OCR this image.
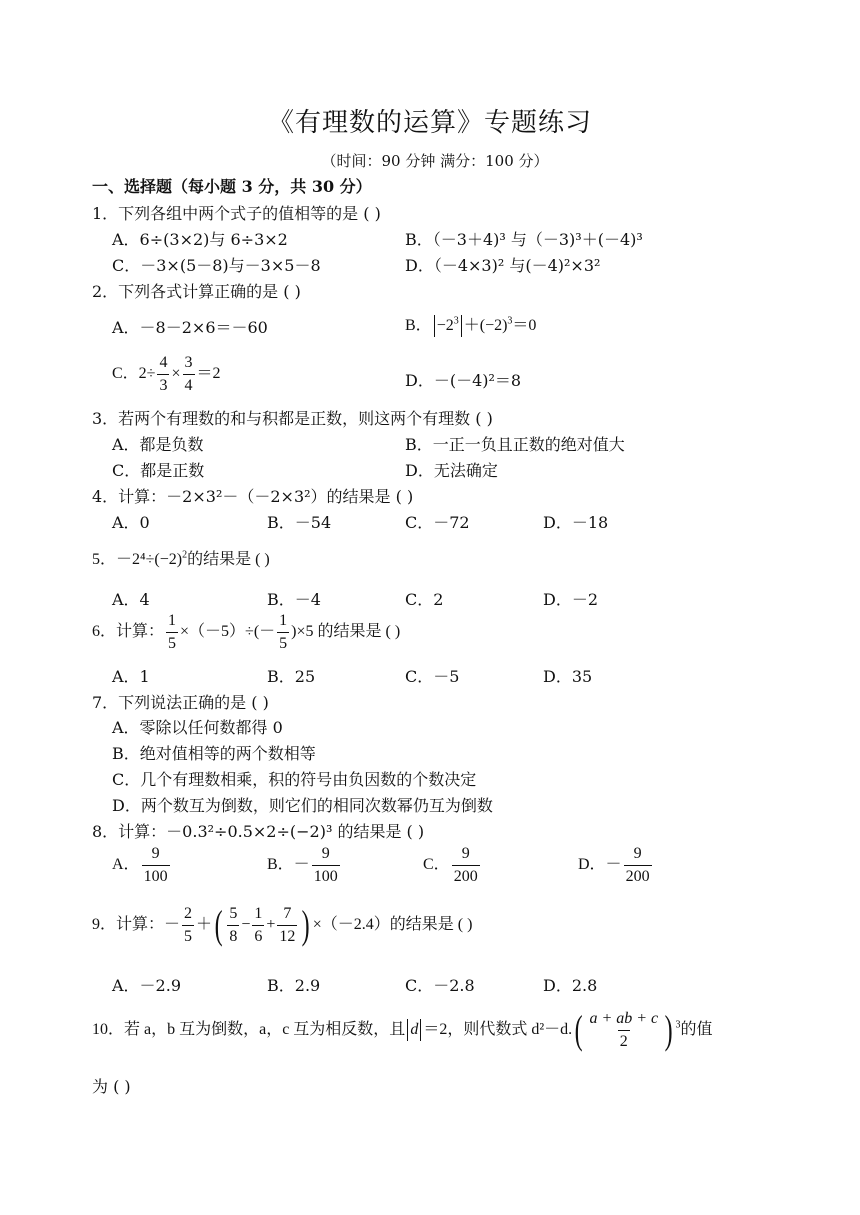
《有理数的运算》专题练习
（时间：90 分钟 满分：100 分）
一、选择题（每小题 3 分，共 30 分）
1．下列各组中两个式子的值相等的是 ( )
A．6÷(3×2)与 6÷3×2	B．（－3＋4)³ 与（－3)³＋(－4)³
C．－3×(5－8)与－3×5－8	D．（－4×3)² 与(－4)²×3²
2．下列各式计算正确的是 ( )
A．－8－2×6＝－60	B． $-2^3 +(-2)^3=0$
C．$2\div \frac{4}{3} \times \frac{3}{4} =2$	D．－(－4)²＝8
3．若两个有理数的和与积都是正数，则这两个有理数 ( )
A．都是负数	B．一正一负且正数的绝对值大
C．都是正数	D．无法确定
4．计算：－2×3²－（－2×3²）的结果是 ( )
A．0	B．－54	C．－72	D．－18
5．$-2^4\div(-2)^2$的结果是 ( )
A．4	B．－4	C．2	D．－2
6．计算： $\frac{1}{5} \times(-5)\div(- \frac{1}{5} )\times 5$ 的结果是 ( )
A．1	B．25	C．－5	D．35
7．下列说法正确的是 ( )
A．零除以任何数都得 0
B．绝对值相等的两个数相等
C．几个有理数相乘，积的符号由负因数的个数决定
D．两个数互为倒数，则它们的相同次数幂仍互为倒数
8．计算：－0.3²÷0.5×2÷(−2)³ 的结果是 ( )
A． $\frac{9}{100}$	B．－ $\frac{9}{100}$	C． $\frac{9}{200}$	D．－ $\frac{9}{200}$
9．计算：－ $\frac{2}{5}$ ＋( $\frac{5}{8} - \frac{1}{6} + \frac{7}{12}$ ) ×（－2.4）的结果是 ( )
A．－2.9	B．2.9	C．－2.8	D．2.8
10．若 a，b 互为倒数，a，c 互为相反数，且 d ＝2，则代数式 $d^2-d.( \frac{a + ab + c}{2}$ ) $^3$的值
为 ( )
